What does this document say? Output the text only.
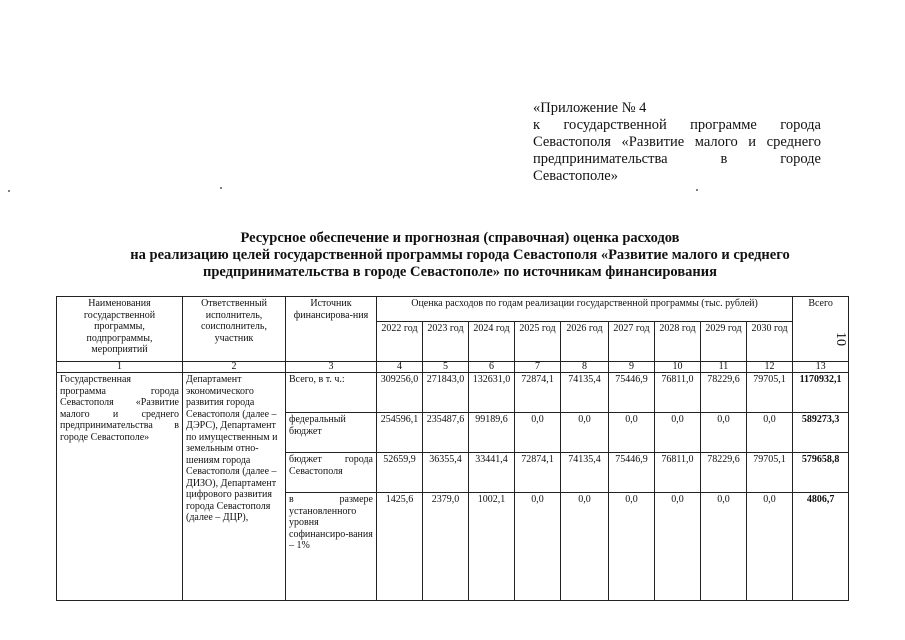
«Приложение № 4
к государственной программе города
Севастополя «Развитие малого и среднего
предпринимательства в городе
Севастополе»
Ресурсное обеспечение и прогнозная (справочная) оценка расходов
на реализацию целей государственной программы города Севастополя «Развитие малого и среднего
предпринимательства в городе Севастополе» по источникам финансирования
10
Наименования государственной программы, подпрограммы, мероприятий	Ответственный исполнитель, соисполнитель, участник	Источник финансирова-ния	Оценка расходов по годам реализации государственной программы (тыс. рублей)									Всего
			2022 год	2023 год	2024 год	2025 год	2026 год	2027 год	2028 год	2029 год	2030 год	
1	2	3	4	5	6	7	8	9	10	11	12	13
Государственная программа города Севастополя «Развитие малого и среднего предпринимательства в городе Севастополе»	Департамент экономического развития города Севастополя (далее – ДЭРС), Департамент по имущественным и земельным отно-шениям города Севастополя (далее – ДИЗО), Департамент цифрового развития города Севастополя (далее – ДЦР),	Всего, в т. ч.:	309256,0	271843,0	132631,0	72874,1	74135,4	75446,9	76811,0	78229,6	79705,1	1170932,1
		федеральный бюджет	254596,1	235487,6	99189,6	0,0	0,0	0,0	0,0	0,0	0,0	589273,3
		бюджет города Севастополя	52659,9	36355,4	33441,4	72874,1	74135,4	75446,9	76811,0	78229,6	79705,1	579658,8
		в размере установленного уровня софинансиро-вания – 1%	1425,6	2379,0	1002,1	0,0	0,0	0,0	0,0	0,0	0,0	4806,7
